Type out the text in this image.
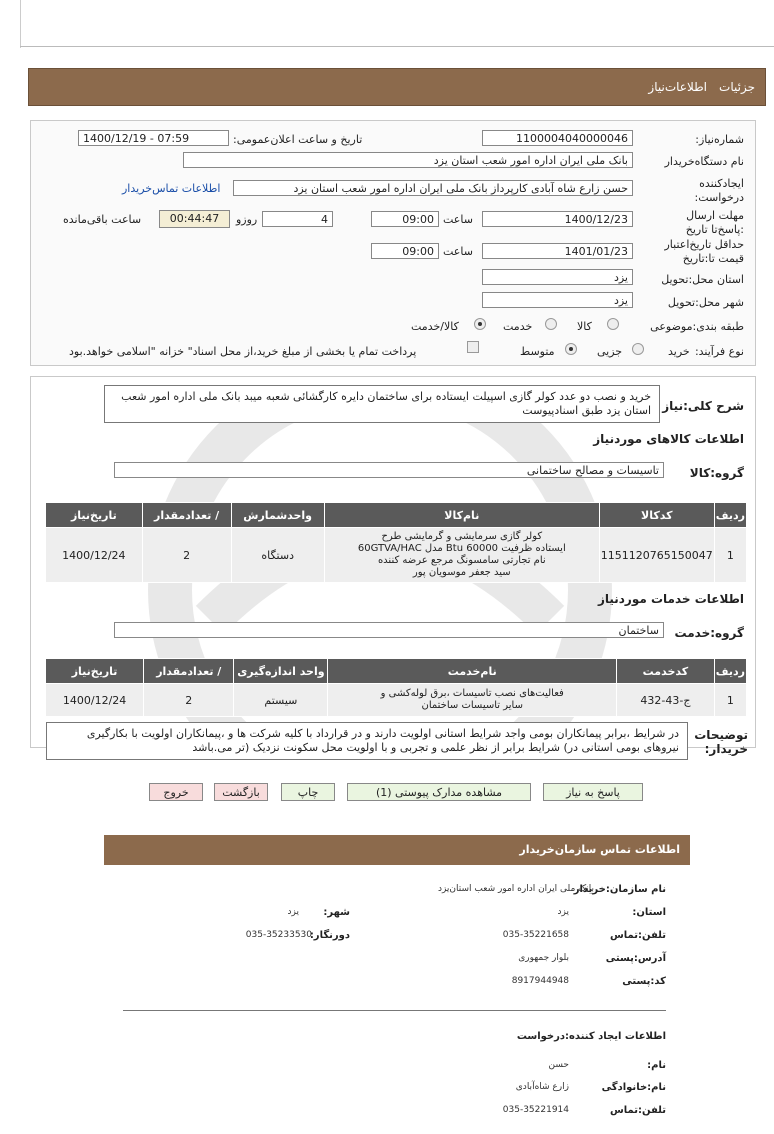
جزئیات
اطلاعات‌نیاز
شماره‌نیاز:
1100004040000046
تاریخ و ساعت اعلان‌عمومی:
1400/12/19 - 07:59
نام دستگاه‌خریدار
بانک ملی ایران اداره امور شعب استان یزد
ایجادکننده درخواست:
حسن زارع شاه آبادی کارپرداز بانک ملی ایران اداره امور شعب استان یزد
اطلاعات تماس‌خریدار
مهلت ارسال :پاسخ‌تا تاریخ
1400/12/23
ساعت
09:00
4
روزو
00:44:47
ساعت باقی‌مانده
حداقل تاریخ‌اعتبار قیمت تا:تاریخ
1401/01/23
ساعت
09:00
استان محل:تحویل
یزد
شهر محل:تحویل
یزد
طبقه بندی:موضوعی
کالا
خدمت
کالا/خدمت
نوع فرآیند:
خرید
جزیی
متوسط
پرداخت تمام یا بخشی از مبلغ خرید،از محل اسناد" خزانه "اسلامی خواهد.بود
شرح کلی:نیاز
خرید و نصب دو عدد کولر گازی اسپیلت ایستاده برای ساختمان دایره کارگشائی شعبه میبد بانک ملی اداره امور شعب استان یزد طبق اسنادپیوست
اطلاعات کالاهای موردنیاز
گروه:کالا
تاسیسات و مصالح ساختمانی
ردیف	کدکالا	نام‌کالا	واحدشمارش	/ تعدادمقدار	تاریخ‌نیاز
1	1151120765150047	کولر گازی سرمایشی و گرمایشی طرح
ایستاده ظرفیت 60000 Btu مدل 60GTVA/HAC
نام تجارتی سامسونگ مرجع عرضه کننده
سید جعفر موسویان پور	دستگاه	2	1400/12/24
اطلاعات خدمات موردنیاز
گروه:خدمت
ساختمان
ردیف	کدخدمت	نام‌خدمت	واحد اندازه‌گیری	/ تعدادمقدار	تاریخ‌نیاز
1	ج-43-432	فعالیت‌های نصب تاسیسات ،برق لوله‌کشی و
سایر تاسیسات ساختمان	سیستم	2	1400/12/24
توضیحات خریدار:
در شرایط ،برابر پیمانکاران بومی واجد شرایط استانی اولویت دارند و در قرارداد با کلیه شرکت ها و ،پیمانکاران اولویت با بکارگیری نیروهای بومی استانی در) شرایط برابر از نظر علمی و تجربی و با اولویت محل سکونت نزدیک (تر می.باشد
پاسخ به نیاز
مشاهده مدارک پیوستی (1)
چاپ
بازگشت
خروج
اطلاعات تماس سازمان‌خریدار
نام سازمان:خریدار
بانک ملی ایران اداره امور شعب استان‌یزد
استان:
یزد
شهر:
یزد
تلفن:تماس
035-35221658
دورنگار:
035-35233530
آدرس:پستی
بلوار جمهوری
کد:پستی
8917944948
اطلاعات ایجاد کننده:درخواست
نام:
حسن
نام:خانوادگی
زارع شاه‌آبادی
تلفن:تماس
035-35221914
